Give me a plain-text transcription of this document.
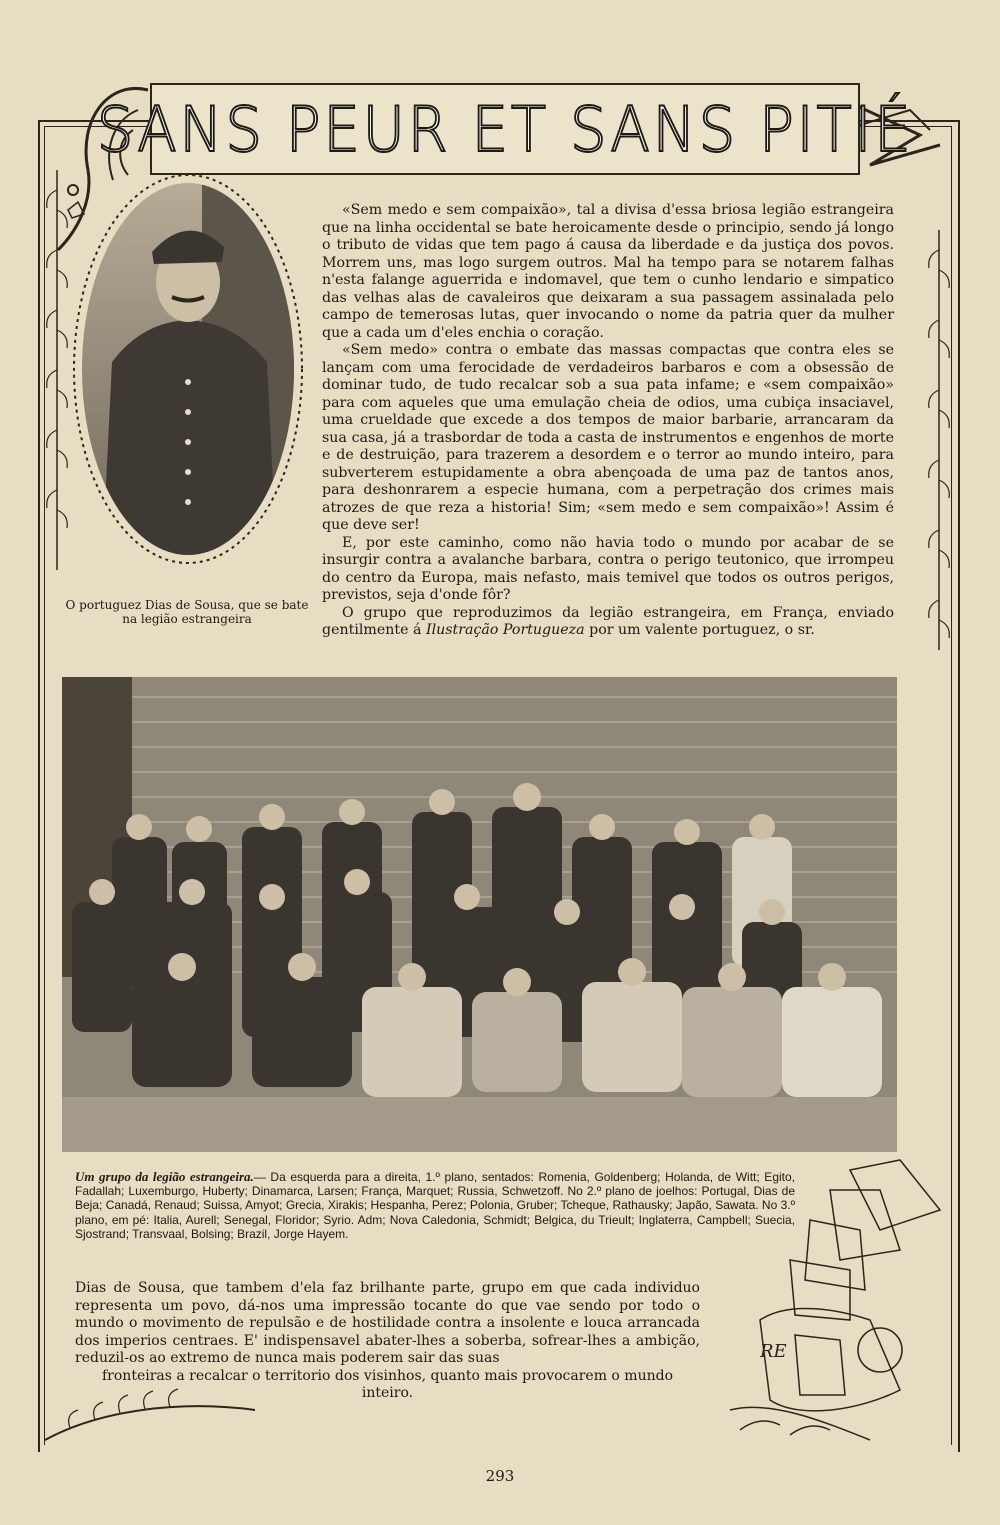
SANS PEUR ET SANS PITIÉ
O portuguez Dias de Sousa, que se bate na legião estrangeira

«Sem medo e sem compaixão», tal a divisa d'essa briosa legião estrangeira que na linha occidental se bate heroicamente desde o principio, sendo já longo o tributo de vidas que tem pago á causa da liberdade e da justiça dos povos. Morrem uns, mas logo surgem outros. Mal ha tempo para se notarem falhas n'esta falange aguerrida e indomavel, que tem o cunho lendario e simpatico das velhas alas de cavaleiros que deixaram a sua passagem assinalada pelo campo de temerosas lutas, quer invocando o nome da patria quer da mulher que a cada um d'eles enchia o coração.

«Sem medo» contra o embate das massas compactas que contra eles se lançam com uma ferocidade de verdadeiros barbaros e com a obsessão de dominar tudo, de tudo recalcar sob a sua pata infame; e «sem compaixão» para com aqueles que uma emulação cheia de odios, uma cubiça insaciavel, uma crueldade que excede a dos tempos de maior barbarie, arrancaram da sua casa, já a trasbordar de toda a casta de instrumentos e engenhos de morte e de destruição, para trazerem a desordem e o terror ao mundo inteiro, para subverterem estupidamente a obra abençoada de uma paz de tantos anos, para deshonrarem a especie humana, com a perpetração dos crimes mais atrozes de que reza a historia! Sim; «sem medo e sem compaixão»! Assim é que deve ser!

E, por este caminho, como não havia todo o mundo por acabar de se insurgir contra a avalanche barbara, contra o perigo teutonico, que irrompeu do centro da Europa, mais nefasto, mais temivel que todos os outros perigos, previstos, seja d'onde fôr?

O grupo que reproduzimos da legião estrangeira, em França, enviado gentilmente á Ilustração Portugueza por um valente portuguez, o sr.

Um grupo da legião estrangeira.— Da esquerda para a direita, 1.º plano, sentados: Romenia, Goldenberg; Holanda, de Witt; Egito, Fadallah; Luxemburgo, Huberty; Dinamarca, Larsen; França, Marquet; Russia, Schwetzoff. No 2.º plano de joelhos: Portugal, Dias de Beja; Canadá, Renaud; Suissa, Amyot; Grecia, Xirakis; Hespanha, Perez; Polonia, Gruber; Tcheque, Rathausky; Japão, Sawata. No 3.º plano, em pé: Italia, Aurell; Senegal, Floridor; Syrio. Adm; Nova Caledonia, Schmidt; Belgica, du Trieult; Inglaterra, Campbell; Suecia, Sjostrand; Transvaal, Bolsing; Brazil, Jorge Hayem.
Dias de Sousa, que tambem d'ela faz brilhante parte, grupo em que cada individuo representa um povo, dá-nos uma impressão tocante do que vae sendo por todo o mundo o movimento de repulsão e de hostilidade contra a insolente e louca arrancada dos imperios centraes. E' indispensavel abater-lhes a soberba, sofrear-lhes a ambição, reduzil-os ao extremo de nunca mais poderem sair das suas
fronteiras a recalcar o territorio dos visinhos, quanto mais provocarem o mundo inteiro.
RE
293
